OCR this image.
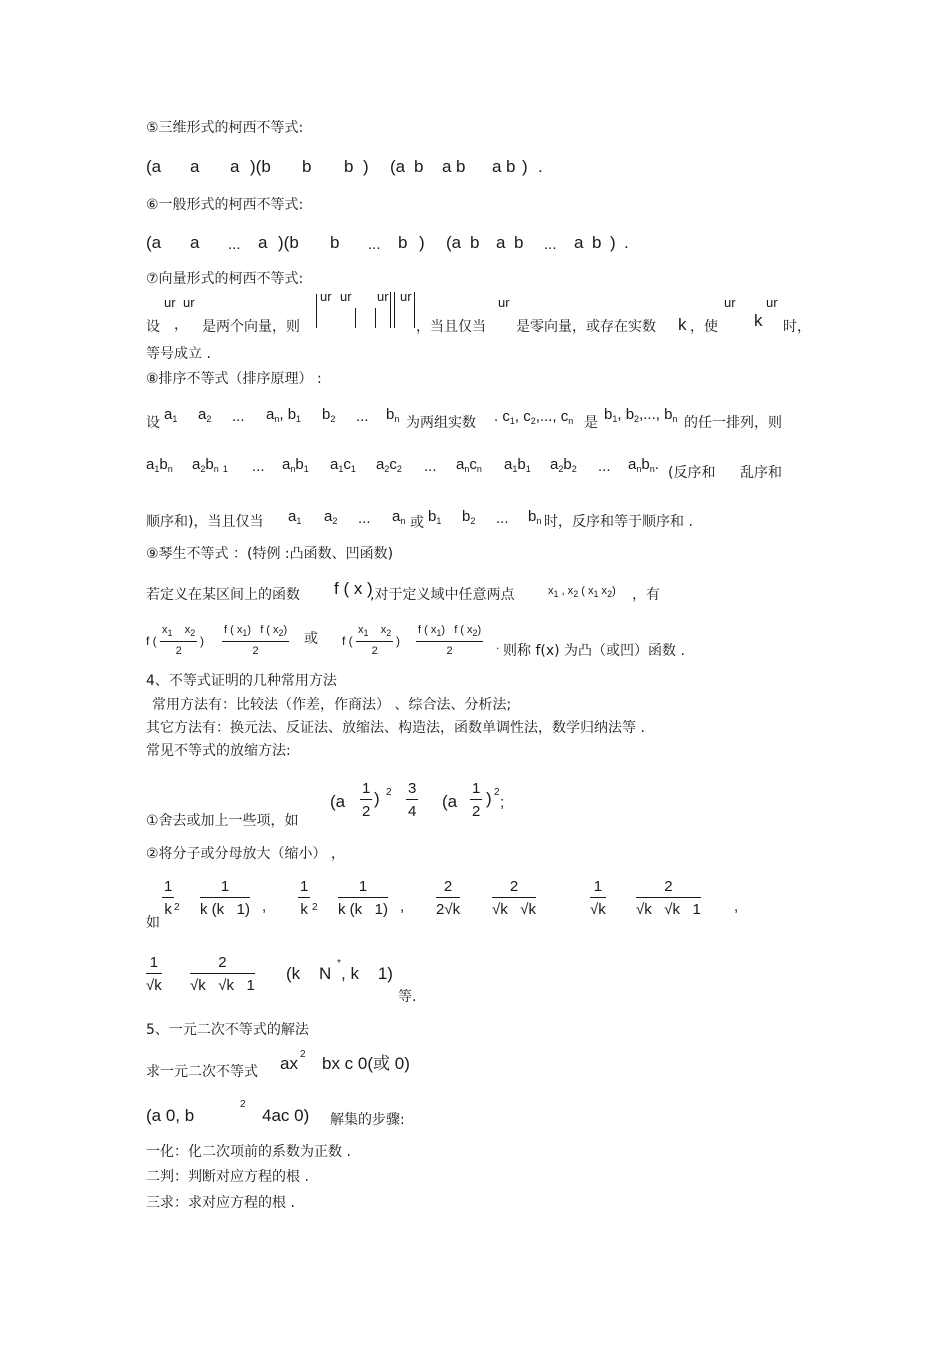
⑤三维形式的柯西不等式:
(a a a )(b b b ) (a b a b a b ) .
⑥一般形式的柯西不等式:
(a a ... a )(b b ... b ) (a b a b ... a b ) .
⑦向量形式的柯西不等式:
ur ur
设 ， 是两个向量，则
ur ur ur ur
，当且仅当
ur
是零向量，或存在实数 k ，使
ur
k
ur
时，
等号成立 .
⑧排序不等式（排序原理） :
设 $a_1$ $a_2$ ... $a_n$, $b_1$ $b_2$ ... $b_n$ 为两组实数 . $c_1$, $c_2$,..., $c_n$ 是 $b_1$, $b_2$,..., $b_n$ 的任一排列，则
$a_1b_n$ $a_2b_n$ $_1$ ... $a_nb_1$ $a_1c_1$ $a_2c_2$ ... $a_nc_n$ $a_1b_1$ $a_2b_2$ ... $a_nb_n$. (反序和 乱序和
顺序和)，当且仅当 $a_1$ $a_2$ ... $a_n$ 或 $b_1$ $b_2$ ... $b_n$ 时，反序和等于顺序和 .
⑨琴生不等式 ：(特例 :凸函数、凹函数)
若定义在某区间上的函数 f ( x )
,对于定义域中任意两点	$x_1$ , $x_2$ ( $x_1$ $x_2$) ，有
f ( $\frac{x_1 x_2}{2}$ ) $\frac{f ( x_1) f ( x_2)}{2}$ 或 f ( $\frac{x_1 x_2}{2}$ ) $\frac{f ( x_1) f ( x_2)}{2}$ . 则称 f(x) 为凸（或凹）函数 .
4、不等式证明的几种常用方法
常用方法有：比较法（作差，作商法） 、综合法、分析法;
其它方法有：换元法、反证法、放缩法、构造法，函数单调性法，数学归纳法等 .
常见不等式的放缩方法:
($a \frac{1}{2}$ ) $2 \frac{3}{4} (a \frac{1}{2}$ ) 2
;
①舍去或加上一些项，如
②将分子或分母放大（缩小） ，
如
$\frac{1}{k} 2 \frac{1}{k (k 1)}$ , $\frac{1}{k} 2 \frac{1}{k (k 1)}$ , $\frac{2}{2√k} \frac{2}{√k √k}$	$\frac{1}{√k} \frac{2}{√k √k 1}$ ,
$\frac{1}{√k} \frac{2}{√k √k 1} (k$    N
*
, k    1)
等.
5、一元二次不等式的解法
求一元二次不等式 ax 2 bx c 0(或 0)
(a 0, b
2
4ac 0) 解集的步骤:
一化：化二次项前的系数为正数 .
二判：判断对应方程的根 .
三求：求对应方程的根 .
